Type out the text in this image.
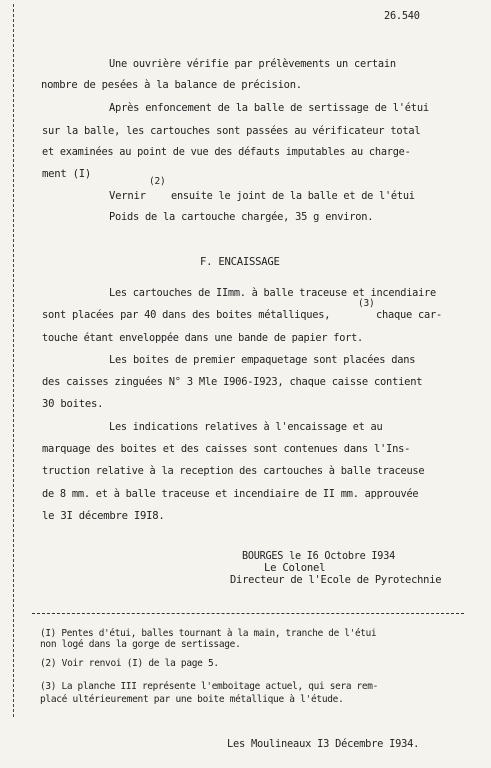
26.540
Une ouvrière vérifie par prélèvements un certain
nombre de pesées à la balance de précision.
Après enfoncement de la balle de sertissage de l'étui
sur la balle, les cartouches sont passées au vérificateur total
et examinées au point de vue des défauts imputables au charge-
ment (I)
(2)
Vernir ensuite le joint de la balle et de l'étui
Poids de la cartouche chargée, 35 g environ.
F. ENCAISSAGE
Les cartouches de IImm. à balle traceuse et incendiaire
(3)
sont placées par 40 dans des boites métalliques,	chaque car-
touche étant enveloppée dans une bande de papier fort.
Les boites de premier empaquetage sont placées dans
des caisses zinguées N° 3 Mle I906-I923, chaque caisse contient
30 boites.
Les indications relatives à l'encaissage et au
marquage des boites et des caisses sont contenues dans l'Ins-
truction relative à la reception des cartouches à balle traceuse
de 8 mm. et à balle traceuse et incendiaire de II mm. approuvée
le 3I décembre I9I8.
BOURGES le I6 Octobre I934
Le Colonel
Directeur de l'Ecole de Pyrotechnie
(I) Pentes d'étui, balles tournant à la main, tranche de l'étui
non logé dans la gorge de sertissage.
(2) Voir renvoi (I) de la page 5.
(3) La planche III représente l'emboitage actuel, qui sera rem-
placé ultérieurement par une boite métallique à l'étude.
Les Moulineaux I3 Décembre I934.
